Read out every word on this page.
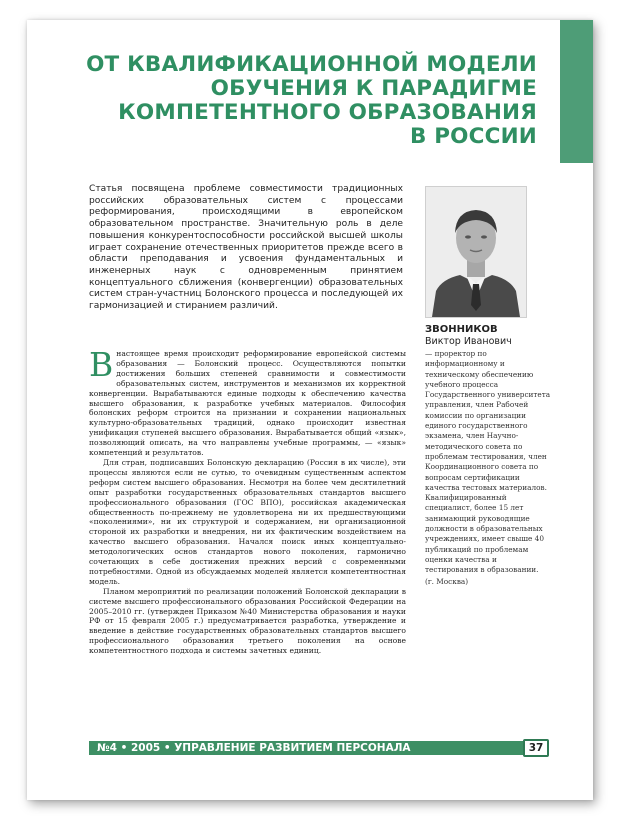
ОТ КВАЛИФИКАЦИОННОЙ МОДЕЛИ
ОБУЧЕНИЯ К ПАРАДИГМЕ
КОМПЕТЕНТНОГО ОБРАЗОВАНИЯ
В РОССИИ
Статья посвящена проблеме совместимости традиционных российских образовательных систем с процессами реформирования, происходящими в европейском образовательном пространстве. Значительную роль в деле повышения конкурентоспособности российской высшей школы играет сохранение отечественных приоритетов прежде всего в области преподавания и усвоения фундаментальных и инженерных наук с одновременным принятием концептуального сближения (конвергенции) образовательных систем стран-участниц Болонского процесса и последующей их гармонизацией и стиранием различий.
ЗВОННИКОВ
Виктор Иванович
— проректор по информационному и техническому обеспечению учебного процесса Государственного университета управления, член Рабочей комиссии по организации единого государственного экзамена, член Научно-методического совета по проблемам тестирования, член Координационного совета по вопросам сертификации качества тестовых материалов. Квалифицированный специалист, более 15 лет занимающий руководящие должности в образовательных учреждениях, имеет свыше 40 публикаций по проблемам оценки качества и тестирования в образовании.
(г. Москва)

Внастоящее время происходит реформирование европейской системы образования — Болонский процесс. Осуществляются попытки достижения больших степеней сравнимости и совместимости образовательных систем, инструментов и механизмов их корректной конвергенции. Вырабатываются единые подходы к обеспечению качества высшего образования, к разработке учебных материалов. Философия болонских реформ строится на признании и сохранении национальных культурно-образовательных традиций, однако происходит известная унификация ступеней высшего образования. Вырабатывается общий «язык», позволяющий описать, на что направлены учебные программы, — «язык» компетенций и результатов.

Для стран, подписавших Болонскую декларацию (Россия в их числе), эти процессы являются если не сутью, то очевидным существенным аспектом реформ систем высшего образования. Несмотря на более чем десятилетний опыт разработки государственных образовательных стандартов высшего профессионального образования (ГОС ВПО), российская академическая общественность по-прежнему не удовлетворена ни их предшествующими «поколениями», ни их структурой и содержанием, ни организационной стороной их разработки и внедрения, ни их фактическим воздействием на качество высшего образования. Начался поиск иных концептуально-методологических основ стандартов нового поколения, гармонично сочетающих в себе достижения прежних версий с современными потребностями. Одной из обсуждаемых моделей является компетентностная модель.

Планом мероприятий по реализации положений Болонской декларации в системе высшего профессионального образования Российской Федерации на 2005–2010 гг. (утвержден Приказом №40 Министерства образования и науки РФ от 15 февраля 2005 г.) предусматривается разработка, утверждение и введение в действие государственных образовательных стандартов высшего профессионального образования третьего поколения на основе компетентностного подхода и системы зачетных единиц.

№4 • 2005 • УПРАВЛЕНИЕ РАЗВИТИЕМ ПЕРСОНАЛА	37
